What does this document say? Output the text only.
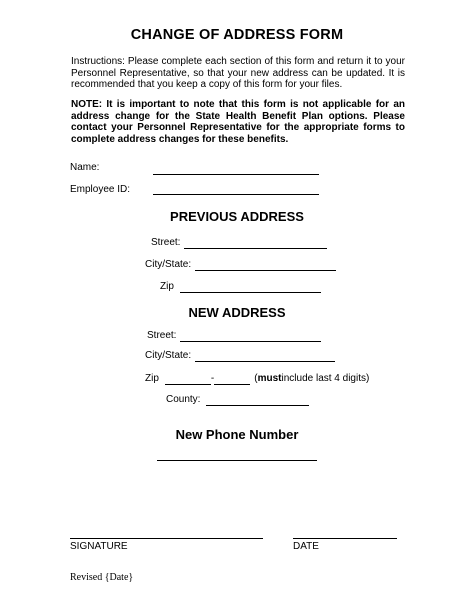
CHANGE OF ADDRESS FORM
Instructions: Please complete each section of this form and return it to your Personnel Representative, so that your new address can be updated. It is recommended that you keep a copy of this form for your files.
NOTE: It is important to note that this form is not applicable for an address change for the State Health Benefit Plan options. Please contact your Personnel Representative for the appropriate forms to complete address changes for these benefits.
Name:
Employee ID:
PREVIOUS ADDRESS
Street:
City/State:
Zip
NEW ADDRESS
Street:
City/State:
Zip	-	( must include last 4 digits)
County:
New Phone Number
SIGNATURE	DATE
Revised {Date}
